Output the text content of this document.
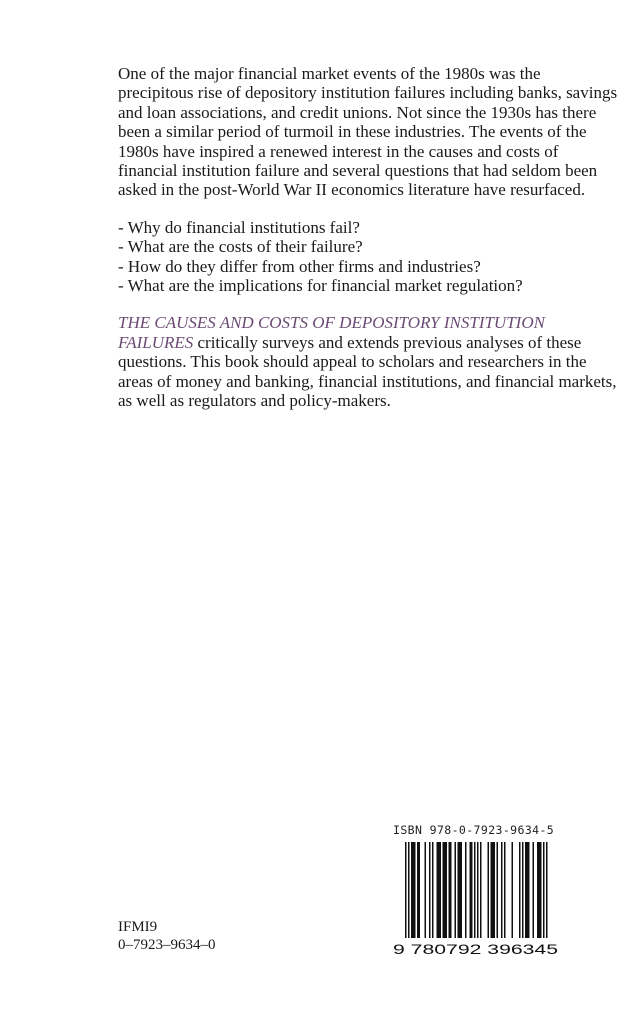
One of the major financial market events of the 1980s was the precipitous rise of depository institution failures including banks, savings and loan associations, and credit unions. Not since the 1930s has there been a similar period of turmoil in these industries. The events of the 1980s have inspired a renewed interest in the causes and costs of financial institution failure and several questions that had seldom been asked in the post-World War II economics literature have resurfaced.

- Why do financial institutions fail?
- What are the costs of their failure?
- How do they differ from other firms and industries?
- What are the implications for financial market regulation?

THE CAUSES AND COSTS OF DEPOSITORY INSTITUTION FAILURES critically surveys and extends previous analyses of these questions. This book should appeal to scholars and researchers in the areas of money and banking, financial institutions, and financial markets, as well as regulators and policy-makers.

ISBN 978-0-7923-9634-5
9 780792 396345
IFMI9
0–7923–9634–0
